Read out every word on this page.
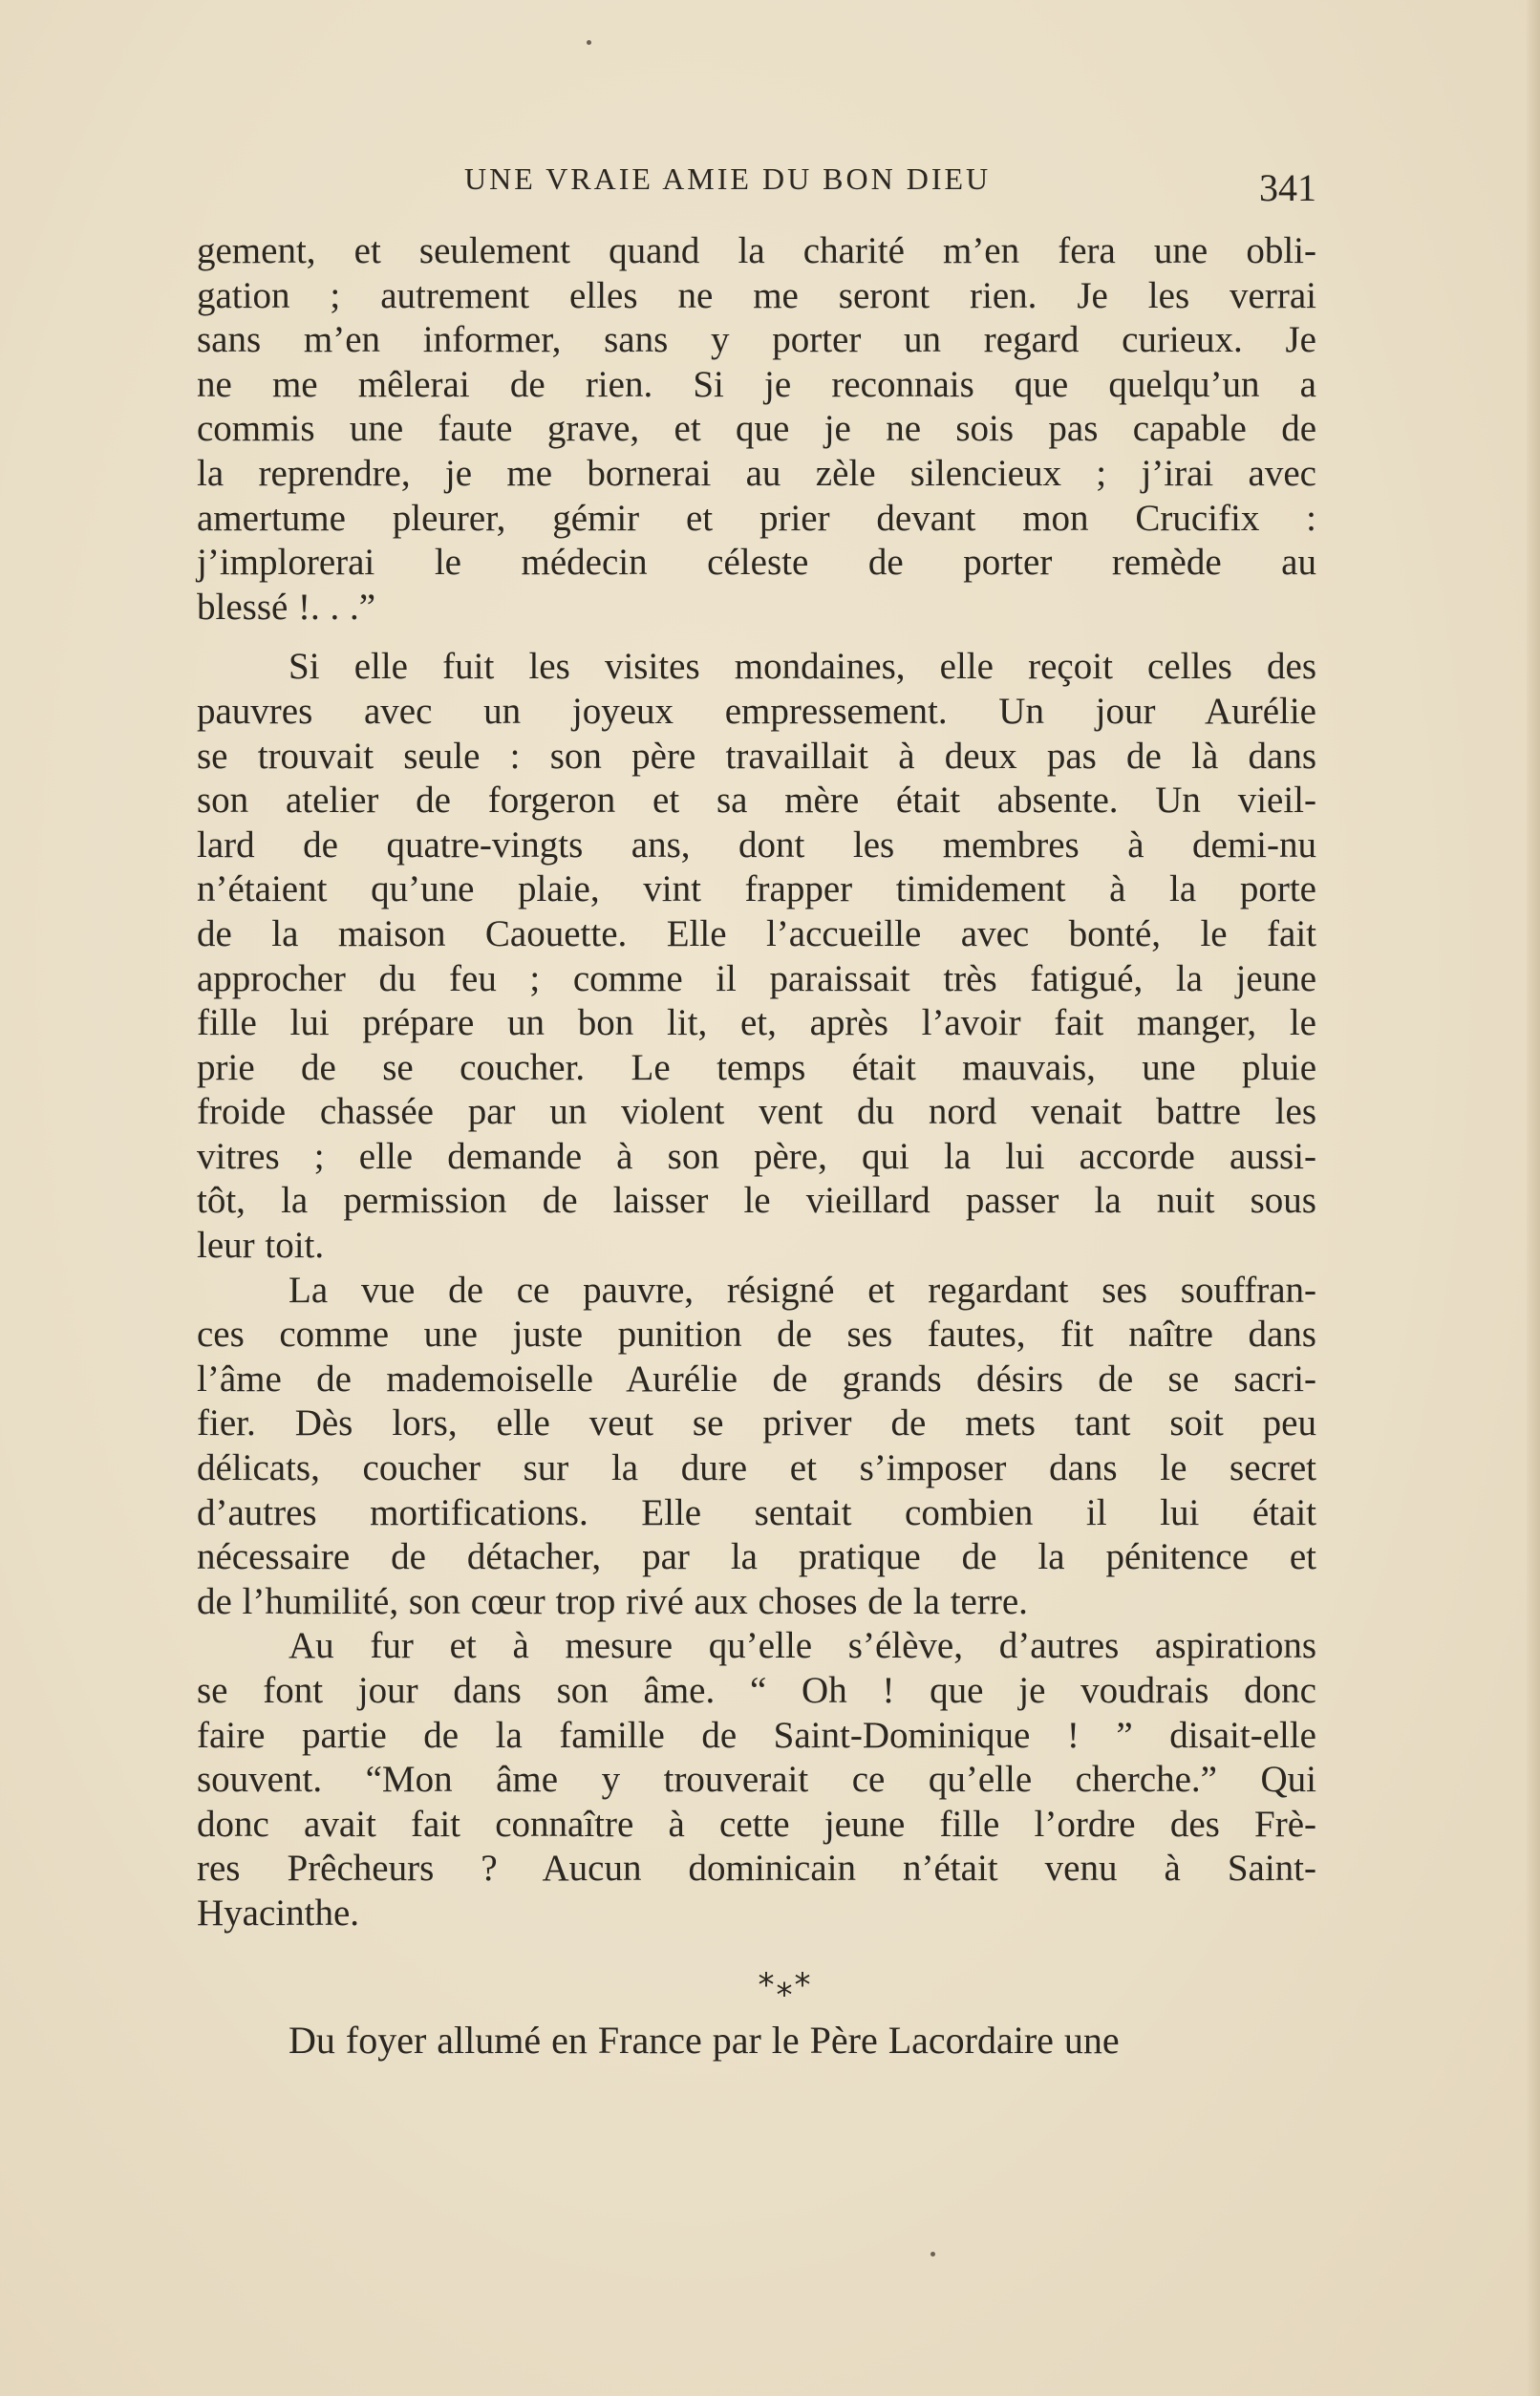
UNE VRAIE AMIE DU BON DIEU	341
gement, et seulement quand la charité m’en fera une obli-
gation ; autrement elles ne me seront rien. Je les verrai
sans m’en informer, sans y porter un regard curieux. Je
ne me mêlerai de rien. Si je reconnais que quelqu’un a
commis une faute grave, et que je ne sois pas capable de
la reprendre, je me bornerai au zèle silencieux ; j’irai avec
amertume pleurer, gémir et prier devant mon Crucifix :
j’implorerai le médecin céleste de porter remède au
blessé !. . .”
Si elle fuit les visites mondaines, elle reçoit celles des
pauvres avec un joyeux empressement. Un jour Aurélie
se trouvait seule : son père travaillait à deux pas de là dans
son atelier de forgeron et sa mère était absente. Un vieil-
lard de quatre-vingts ans, dont les membres à demi-nu
n’étaient qu’une plaie, vint frapper timidement à la porte
de la maison Caouette. Elle l’accueille avec bonté, le fait
approcher du feu ; comme il paraissait très fatigué, la jeune
fille lui prépare un bon lit, et, après l’avoir fait manger, le
prie de se coucher. Le temps était mauvais, une pluie
froide chassée par un violent vent du nord venait battre les
vitres ; elle demande à son père, qui la lui accorde aussi-
tôt, la permission de laisser le vieillard passer la nuit sous
leur toit.
La vue de ce pauvre, résigné et regardant ses souffran-
ces comme une juste punition de ses fautes, fit naître dans
l’âme de mademoiselle Aurélie de grands désirs de se sacri-
fier. Dès lors, elle veut se priver de mets tant soit peu
délicats, coucher sur la dure et s’imposer dans le secret
d’autres mortifications. Elle sentait combien il lui était
nécessaire de détacher, par la pratique de la pénitence et
de l’humilité, son cœur trop rivé aux choses de la terre.
Au fur et à mesure qu’elle s’élève, d’autres aspirations
se font jour dans son âme. “ Oh ! que je voudrais donc
faire partie de la famille de Saint-Dominique ! ” disait-elle
souvent. “Mon âme y trouverait ce qu’elle cherche.” Qui
donc avait fait connaître à cette jeune fille l’ordre des Frè-
res Prêcheurs ? Aucun dominicain n’était venu à Saint-
Hyacinthe.
*⁎*
Du foyer allumé en France par le Père Lacordaire une
